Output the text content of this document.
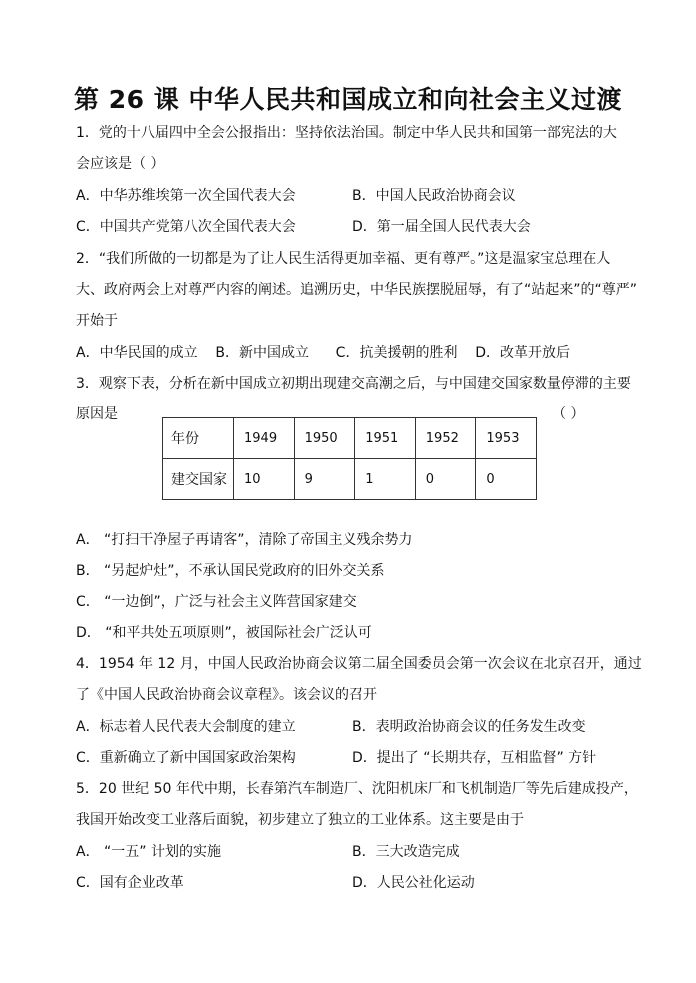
第 26 课 中华人民共和国成立和向社会主义过渡
1．党的十八届四中全会公报指出：坚持依法治国。制定中华人民共和国第一部宪法的大
会应该是（ ）
A．中华苏维埃第一次全国代表大会	B．中国人民政治协商会议
C．中国共产党第八次全国代表大会	D．第一届全国人民代表大会
2．“我们所做的一切都是为了让人民生活得更加幸福、更有尊严。”这是温家宝总理在人
大、政府两会上对尊严内容的阐述。追溯历史，中华民族摆脱屈辱，有了“站起来”的“尊严”
开始于
A．中华民国的成立    B．新中国成立      C．抗美援朝的胜利    D．改革开放后
3．观察下表，分析在新中国成立初期出现建交高潮之后，与中国建交国家数量停滞的主要
原因是	（ ）
年份	1949	1950	1951	1952	1953
建交国家	10	9	1	0	0
A． “打扫干净屋子再请客”，清除了帝国主义残余势力
B． “另起炉灶”，不承认国民党政府的旧外交关系
C． “一边倒”，广泛与社会主义阵营国家建交
D． “和平共处五项原则”，被国际社会广泛认可
4．1954 年 12 月，中国人民政治协商会议第二届全国委员会第一次会议在北京召开，通过
了《中国人民政治协商会议章程》。该会议的召开
A．标志着人民代表大会制度的建立	B．表明政治协商会议的任务发生改变
C．重新确立了新中国国家政治架构	D．提出了 “长期共存，互相监督” 方针
5．20 世纪 50 年代中期，长春第汽车制造厂、沈阳机床厂和飞机制造厂等先后建成投产，
我国开始改变工业落后面貌，初步建立了独立的工业体系。这主要是由于
A． “一五” 计划的实施	B．三大改造完成
C．国有企业改革	D．人民公社化运动
